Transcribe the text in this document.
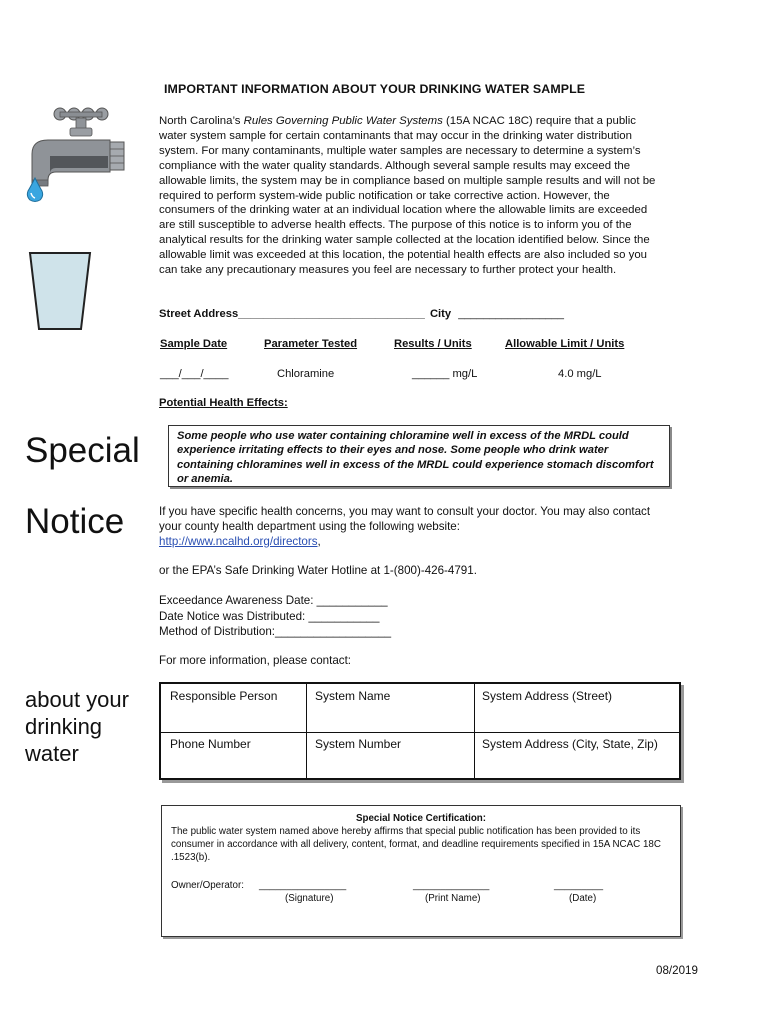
IMPORTANT INFORMATION ABOUT YOUR DRINKING WATER SAMPLE
North Carolina’s Rules Governing Public Water Systems (15A NCAC 18C) require that a public water system sample for certain contaminants that may occur in the drinking water distribution system. For many contaminants, multiple water samples are necessary to determine a system’s compliance with the water quality standards. Although several sample results may exceed the allowable limits, the system may be in compliance based on multiple sample results and will not be required to perform system-wide public notification or take corrective action. However, the consumers of the drinking water at an individual location where the allowable limits are exceeded are still susceptible to adverse health effects. The purpose of this notice is to inform you of the analytical results for the drinking water sample collected at the location identified below. Since the allowable limit was exceeded at this location, the potential health effects are also included so you can take any precautionary measures you feel are necessary to further protect your health.
Street Address______________________________ City _________________
Sample Date	Parameter Tested	Results / Units	Allowable Limit / Units
___/___/____	Chloramine	______ mg/L	4.0 mg/L
Potential Health Effects:
Some people who use water containing chloramine well in excess of the MRDL could experience irritating effects to their eyes and nose. Some people who drink water containing chloramines well in excess of the MRDL could experience stomach discomfort or anemia.
Special
Notice
about your
drinking
water
If you have specific health concerns, you may want to consult your doctor. You may also contact your county health department using the following website:
http://www.ncalhd.org/directors,
or the EPA’s Safe Drinking Water Hotline at 1-(800)-426-4791.
Exceedance Awareness Date: ___________
Date Notice was Distributed: ___________
Method of Distribution:__________________
For more information, please contact:
Responsible Person	System Name	System Address (Street)
Phone Number	System Number	System Address (City, State, Zip)
Special Notice Certification:
The public water system named above hereby affirms that special public notification has been provided to its consumer in accordance with all delivery, content, format, and deadline requirements specified in 15A NCAC 18C .1523(b).
Owner/Operator: ________________	______________	_________
(Signature)	(Print Name)	(Date)
08/2019
